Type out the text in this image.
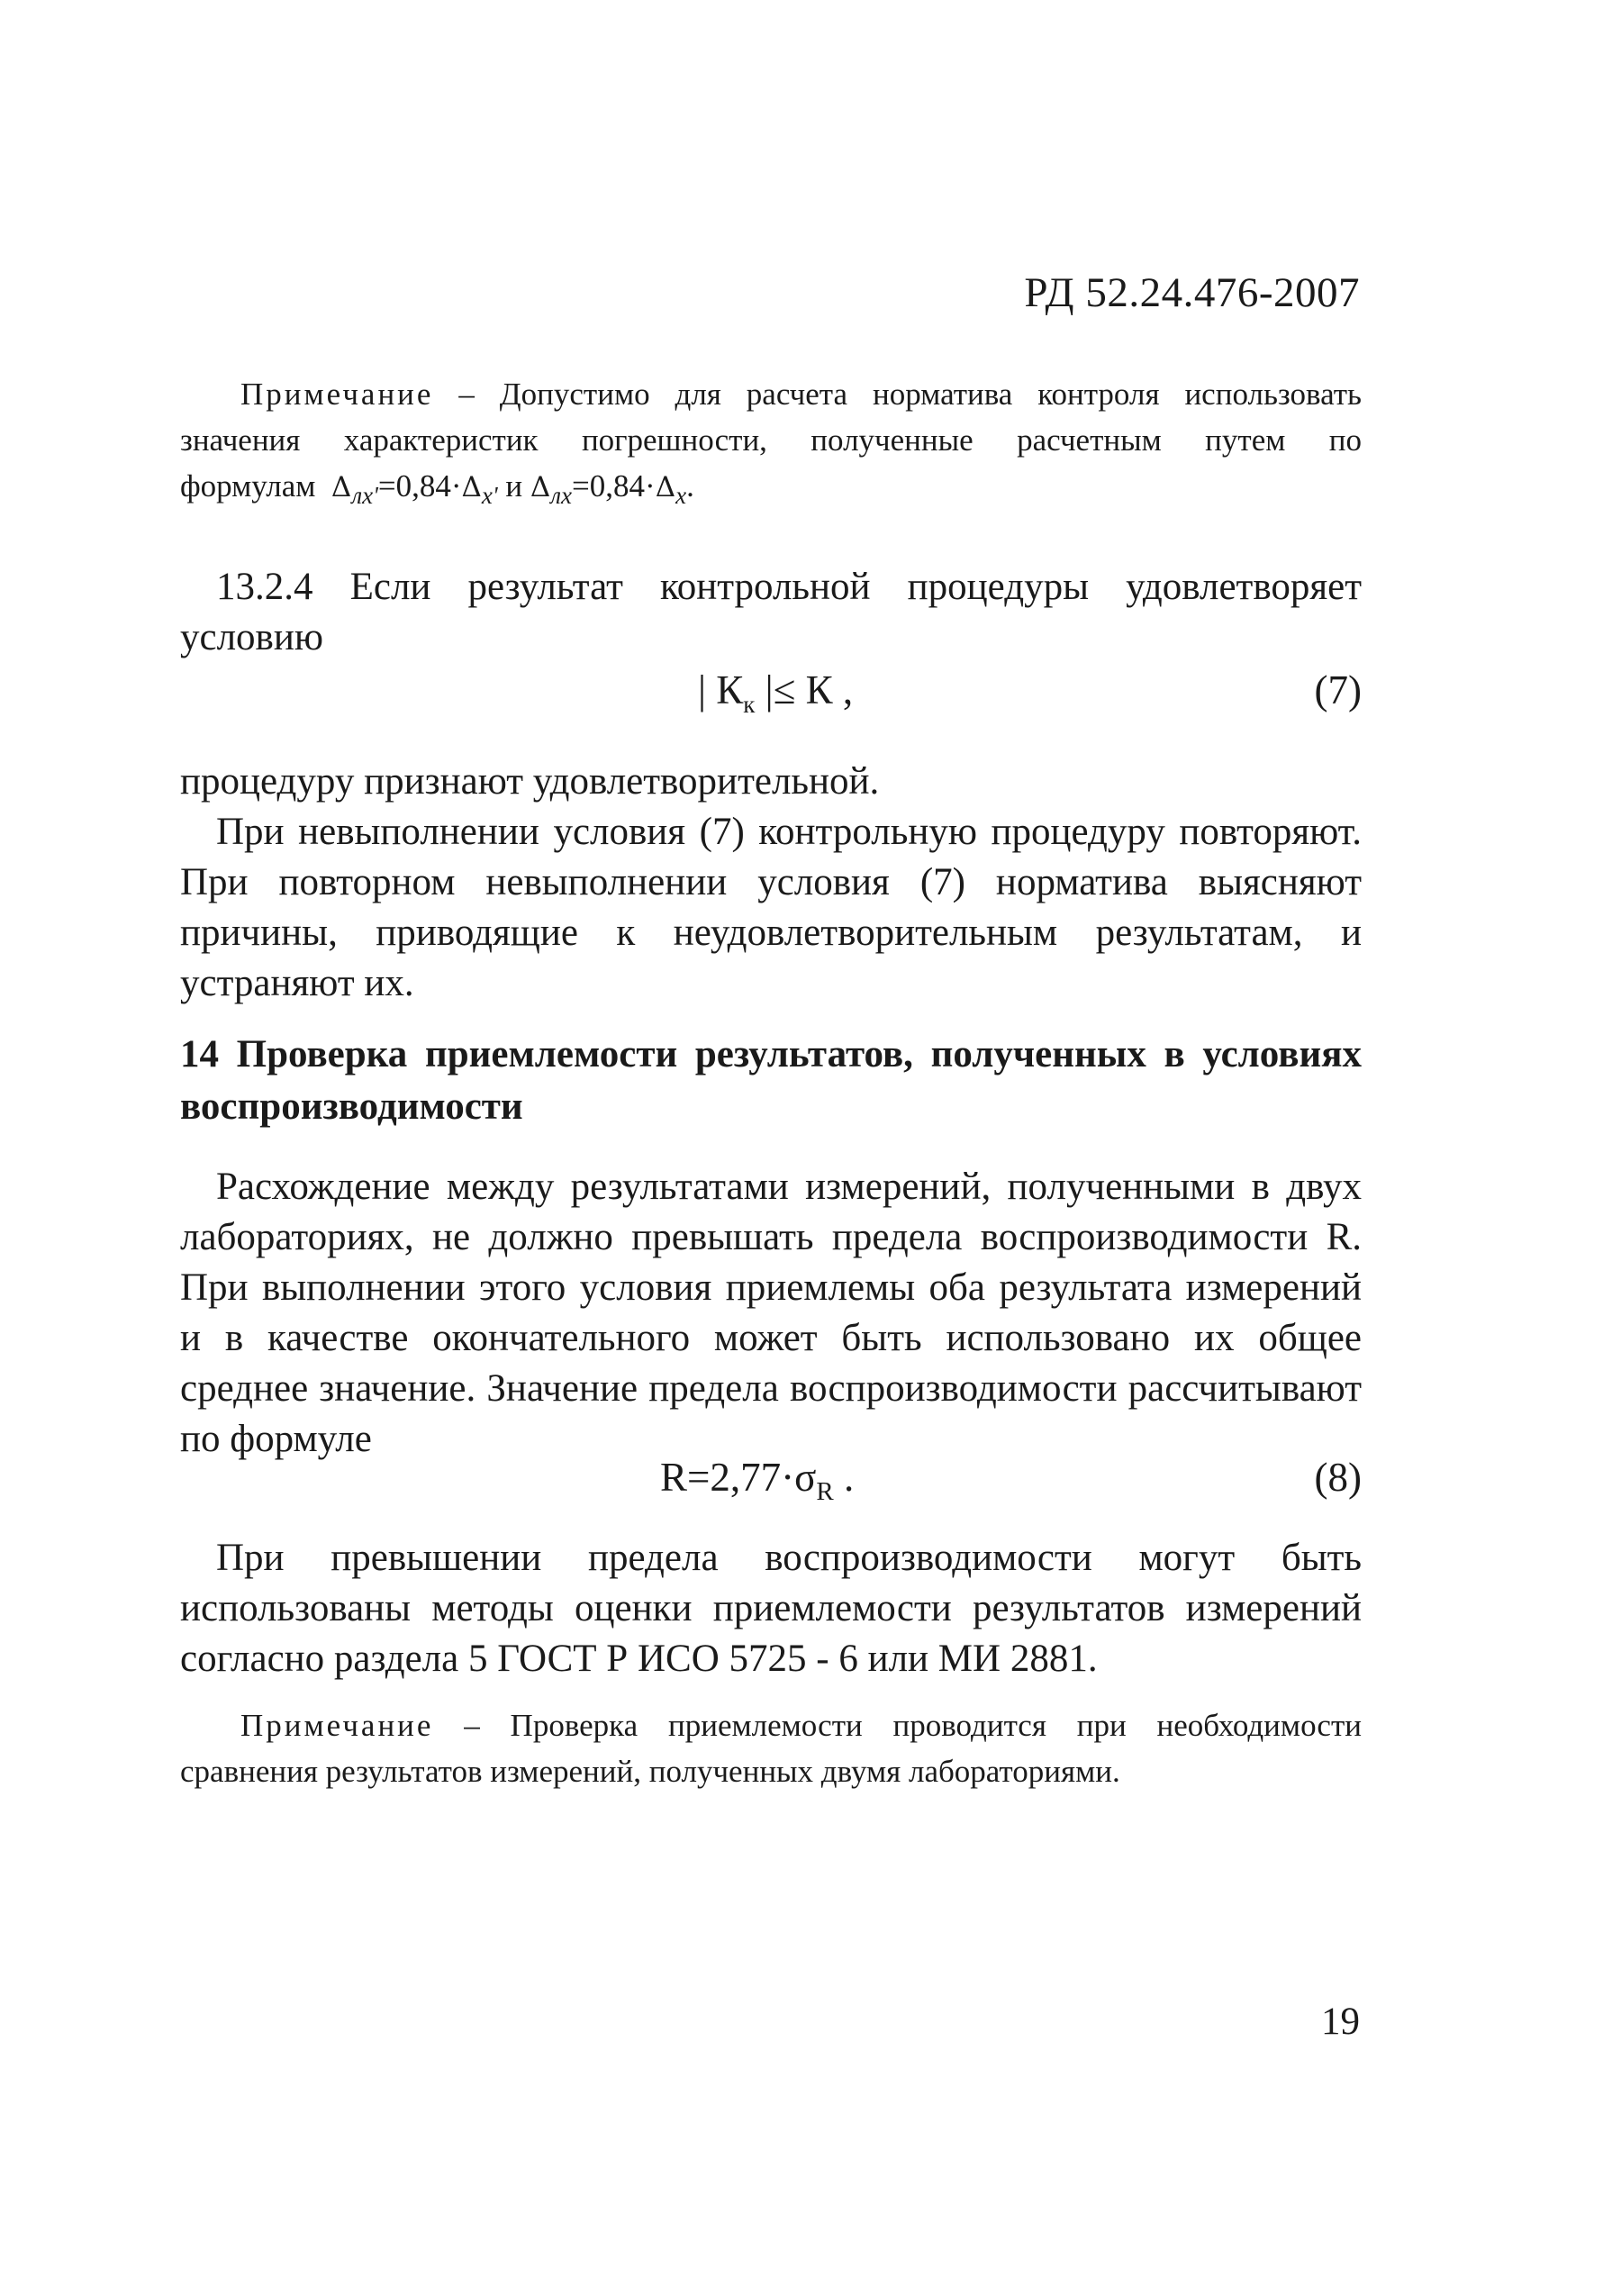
РД 52.24.476-2007
Примечание – Допустимо для расчета норматива контроля использовать значения характеристик погрешности, полученные расчетным путем по формулам $\Delta_{лх'}=0,84\cdot\Delta_{х'}$ и $\Delta_{лх}=0,84\cdot\Delta_х$.
13.2.4 Если результат контрольной процедуры удовлетворяет условию
| $К_к$ |≤ К ,	(7)
процедуру признают удовлетворительной.
При невыполнении условия (7) контрольную процедуру повторяют. При повторном невыполнении условия (7) норматива выясняют причины, приводящие к неудовлетворительным результатам, и устраняют их.
14 Проверка приемлемости результатов, полученных в условиях воспроизводимости
Расхождение между результатами измерений, полученными в двух лабораториях, не должно превышать предела воспроизводимости R. При выполнении этого условия приемлемы оба результата измерений и в качестве окончательного может быть использовано их общее среднее значение. Значение предела воспроизводимости рассчитывают по формуле
$R=2,77\cdot\sigma_R$ .	(8)
При превышении предела воспроизводимости могут быть использованы методы оценки приемлемости результатов измерений согласно раздела 5 ГОСТ Р ИСО 5725 - 6 или МИ 2881.
Примечание – Проверка приемлемости проводится при необходимости сравнения результатов измерений, полученных двумя лабораториями.
19
